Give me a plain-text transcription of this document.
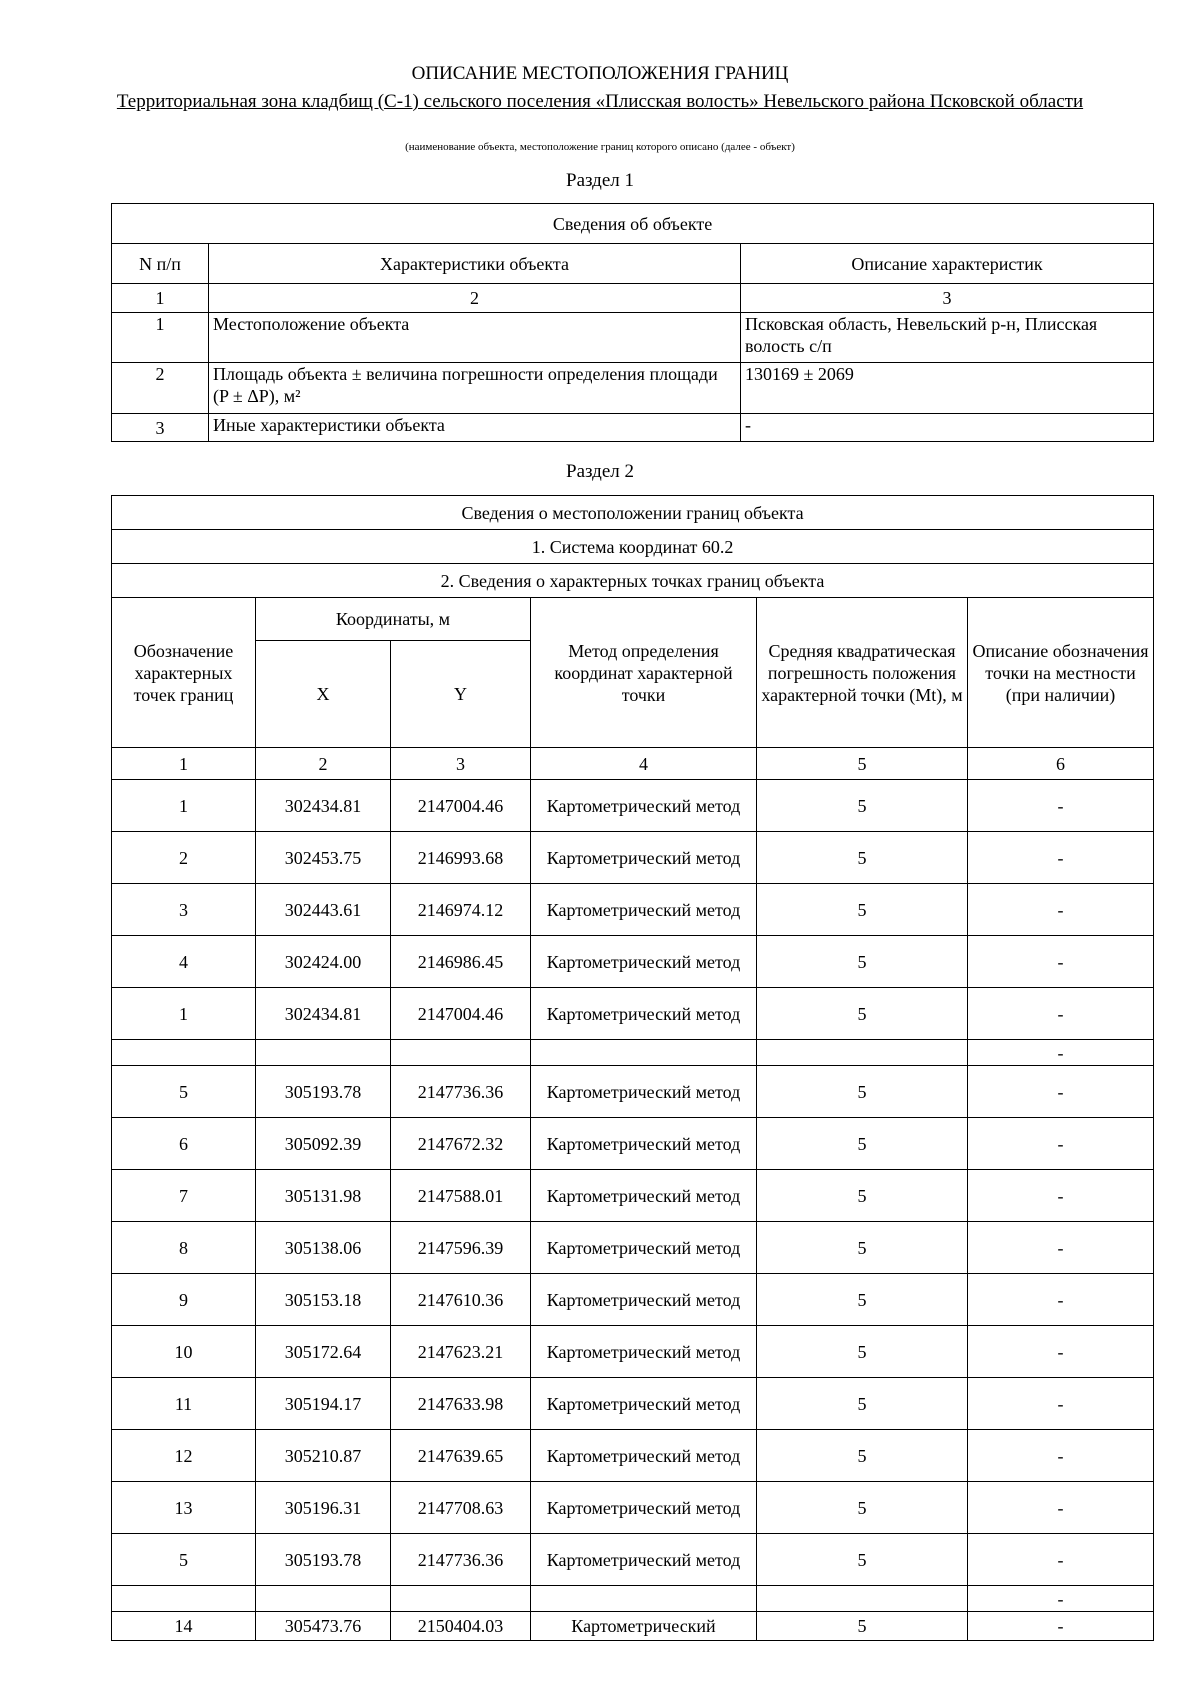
ОПИСАНИЕ МЕСТОПОЛОЖЕНИЯ ГРАНИЦ
Территориальная зона кладбищ (С-1) сельского поселения «Плисская волость» Невельского района Псковской области
(наименование объекта, местоположение границ которого описано (далее - объект)
Раздел 1
Сведения об объекте		
N п/п	Характеристики объекта	Описание характеристик
1	2	3
1	Местоположение объекта	Псковская область, Невельский р-н, Плисская волость с/п
2	Площадь объекта ± величина погрешности определения площади (P ± ΔP), м²	130169 ± 2069
3	Иные характеристики объекта	-
Раздел 2
Сведения о местоположении границ объекта					
1. Система координат 60.2					
2. Сведения о характерных точках границ объекта					
Обозначение характерных точек границ	Координаты, м		Метод определения координат характерной точки	Средняя квадратическая погрешность положения характерной точки (Mt), м	Описание обозначения точки на местности (при наличии)
	X	Y			
1	2	3	4	5	6
1	302434.81	2147004.46	Картометрический метод	5	-
2	302453.75	2146993.68	Картометрический метод	5	-
3	302443.61	2146974.12	Картометрический метод	5	-
4	302424.00	2146986.45	Картометрический метод	5	-
1	302434.81	2147004.46	Картометрический метод	5	-
					-
5	305193.78	2147736.36	Картометрический метод	5	-
6	305092.39	2147672.32	Картометрический метод	5	-
7	305131.98	2147588.01	Картометрический метод	5	-
8	305138.06	2147596.39	Картометрический метод	5	-
9	305153.18	2147610.36	Картометрический метод	5	-
10	305172.64	2147623.21	Картометрический метод	5	-
11	305194.17	2147633.98	Картометрический метод	5	-
12	305210.87	2147639.65	Картометрический метод	5	-
13	305196.31	2147708.63	Картометрический метод	5	-
5	305193.78	2147736.36	Картометрический метод	5	-
					-
14	305473.76	2150404.03	Картометрический	5	-
